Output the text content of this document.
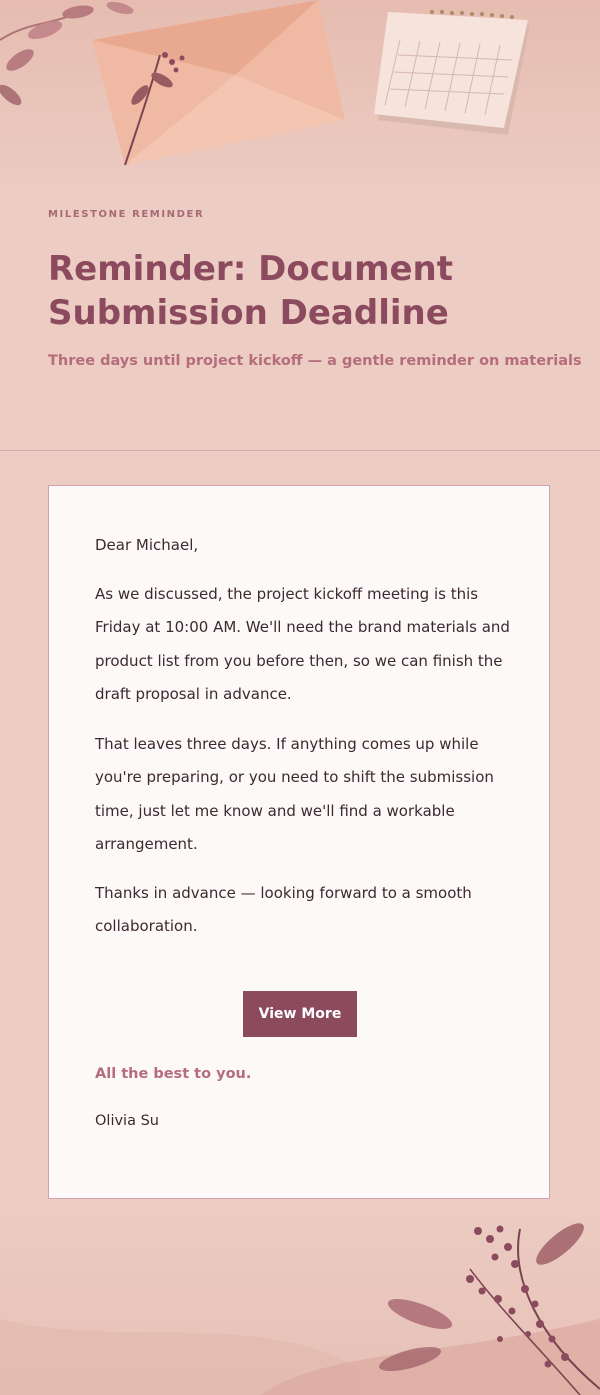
MILESTONE REMINDER
Reminder: Document Submission Deadline
Three days until project kickoff — a gentle reminder on materials

Dear Michael,

As we discussed, the project kickoff meeting is this Friday at 10:00 AM. We'll need the brand materials and product list from you before then, so we can finish the draft proposal in advance.

That leaves three days. If anything comes up while you're preparing, or you need to shift the submission time, just let me know and we'll find a workable arrangement.

Thanks in advance — looking forward to a smooth collaboration.

View More
All the best to you.
Olivia Su
